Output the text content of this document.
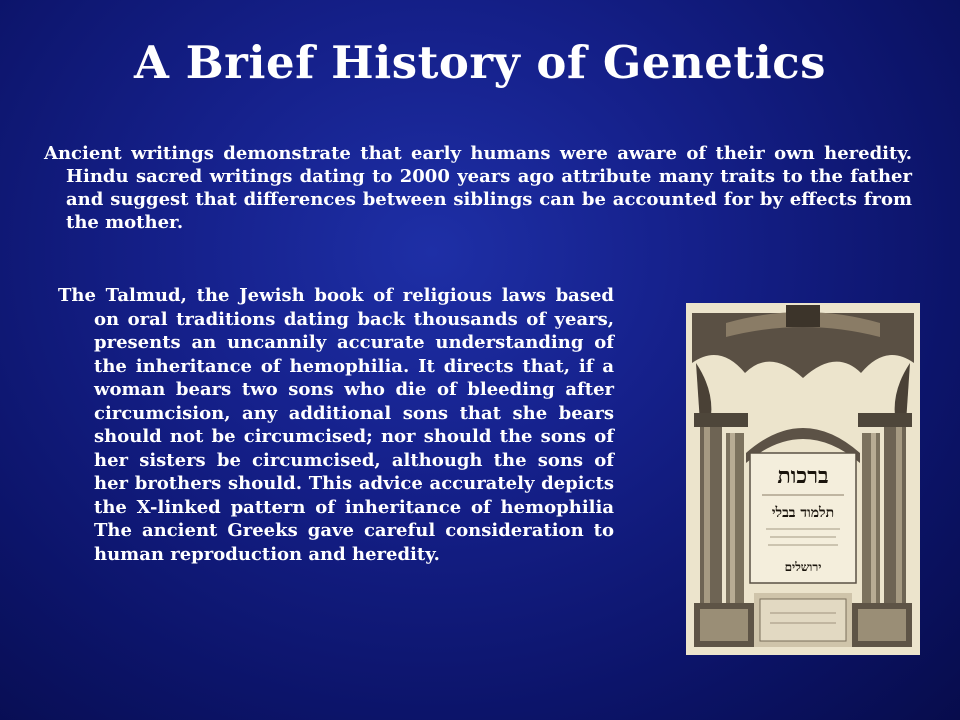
A Brief History of Genetics

Ancient writings demonstrate that early humans were aware of their own heredity. Hindu sacred writings dating to 2000 years ago attribute many traits to the father and suggest that differences between siblings can be accounted for by effects from the mother.

The Talmud, the Jewish book of religious laws based on oral traditions dating back thousands of years, presents an uncannily accurate understanding of the inheritance of hemophilia. It directs that, if a woman bears two sons who die of bleeding after circumcision, any additional sons that she bears should not be circumcised; nor should the sons of her sisters be circumcised, although the sons of her brothers should. This advice accurately depicts the X-linked pattern of inheritance of hemophilia The ancient Greeks gave careful consideration to human reproduction and heredity.

ברכות
תלמוד בבלי
ירושלים
